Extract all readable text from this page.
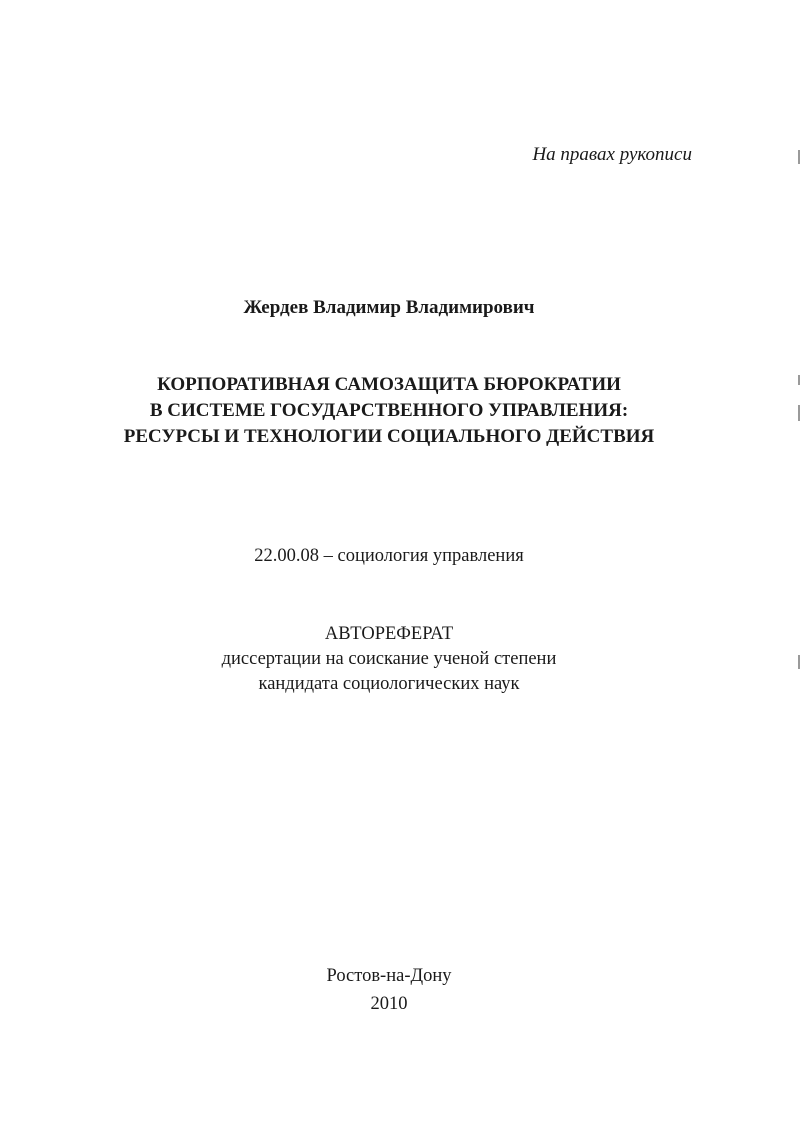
На правах рукописи
Жердев Владимир Владимирович
КОРПОРАТИВНАЯ САМОЗАЩИТА БЮРОКРАТИИ
В СИСТЕМЕ ГОСУДАРСТВЕННОГО УПРАВЛЕНИЯ:
РЕСУРСЫ И ТЕХНОЛОГИИ СОЦИАЛЬНОГО ДЕЙСТВИЯ
22.00.08 – социология управления
АВТОРЕФЕРАТ
диссертации на соискание ученой степени
кандидата социологических наук
Ростов-на-Дону
2010
